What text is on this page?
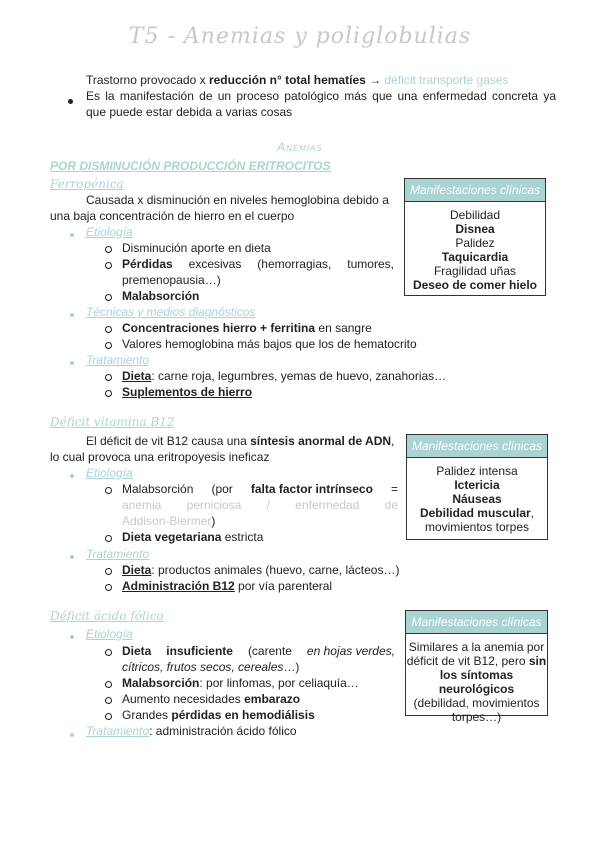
T5 - Anemias y poliglobulias
Trastorno provocado x reducción n° total hematíes → déficit transporte gases
Es la manifestación de un proceso patológico más que una enfermedad concreta ya
que puede estar debida a varias cosas
Anemias
POR DISMINUCIÓN PRODUCCIÓN ERITROCITOS
Ferropénica
Causada x disminución en niveles hemoglobina debido a
una baja concentración de hierro en el cuerpo
Etiología
Disminución aporte en dieta
Pérdidas excesivas (hemorragias, tumores,
premenopausia…)
Malabsorción
Técnicas y medios diagnósticos
Concentraciones hierro + ferritina en sangre
Valores hemoglobina más bajos que los de hematocrito
Tratamiento
Dieta: carne roja, legumbres, yemas de huevo, zanahorias…
Suplementos de hierro
Manifestaciones clínicas
Debilidad
Disnea
Palidez
Taquicardia
Fragilidad uñas
Deseo de comer hielo
Déficit vitamina B12
El déficit de vit B12 causa una síntesis anormal de ADN,
lo cual provoca una eritropoyesis ineficaz
Etiología
Malabsorción (por falta factor intrínseco =
anemia perniciosa / enfermedad de
Addison-Biermer)
Dieta vegetariana estricta
Tratamiento
Dieta: productos animales (huevo, carne, lácteos…)
Administración B12 por vía parenteral
Manifestaciones clínicas
Palidez intensa
Ictericia
Náuseas
Debilidad muscular,
movimientos torpes
Déficit ácido fólico
Etiología
Dieta insuficiente (carente en hojas verdes,
cítricos, frutos secos, cereales…)
Malabsorción: por linfomas, por celiaquía…
Aumento necesidades embarazo
Grandes pérdidas en hemodiálisis
Tratamiento: administración ácido fólico
Manifestaciones clínicas
Similares a la anemia por
déficit de vit B12, pero sin
los síntomas neurológicos
(debilidad, movimientos
torpes…)
